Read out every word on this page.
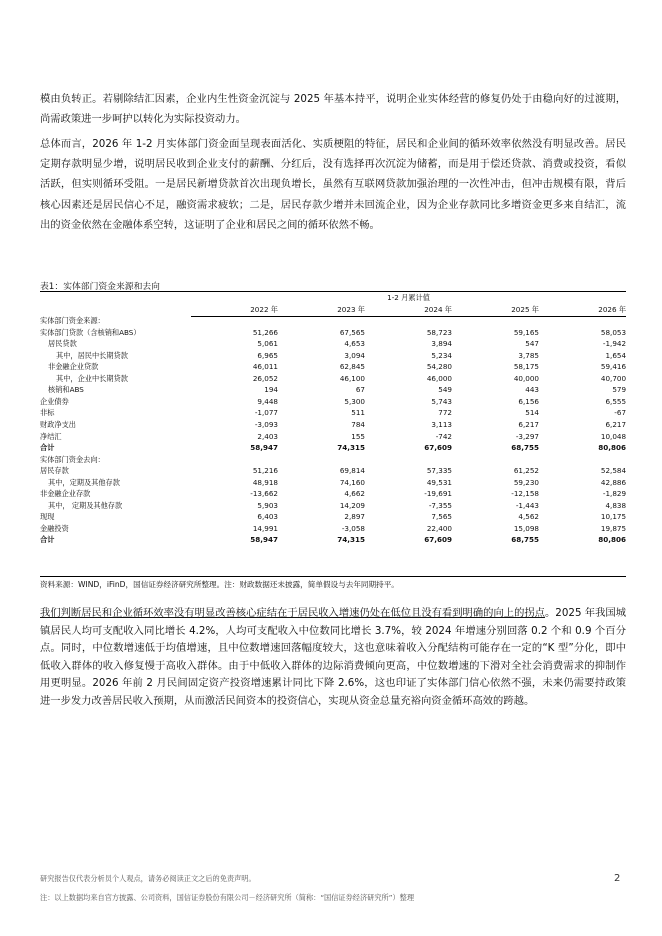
模由负转正。若剔除结汇因素，企业内生性资金沉淀与 2025 年基本持平，说明企业实体经营的修复仍处于由稳向好的过渡期，尚需政策进一步呵护以转化为实际投资动力。

总体而言，2026 年 1-2 月实体部门资金面呈现表面活化、实质梗阻的特征，居民和企业间的循环效率依然没有明显改善。居民定期存款明显少增，说明居民收到企业支付的薪酬、分红后，没有选择再次沉淀为储蓄，而是用于偿还贷款、消费或投资，看似活跃，但实则循环受阻。一是居民新增贷款首次出现负增长，虽然有互联网贷款加强治理的一次性冲击，但冲击规模有限，背后核心因素还是居民信心不足，融资需求疲软；二是，居民存款少增并未回流企业，因为企业存款同比多增资金更多来自结汇，流出的资金依然在金融体系空转，这证明了企业和居民之间的循环依然不畅。

表1：实体部门资金来源和去向
	1-2 月累计值				
	2022 年	2023 年	2024 年	2025 年	2026 年
实体部门资金来源：					
实体部门贷款（含核销和ABS）	51,266	67,565	58,723	59,165	58,053
居民贷款	5,061	4,653	3,894	547	-1,942
其中，居民中长期贷款	6,965	3,094	5,234	3,785	1,654
非金融企业贷款	46,011	62,845	54,280	58,175	59,416
其中，企业中长期贷款	26,052	46,100	46,000	40,000	40,700
核销和ABS	194	67	549	443	579
企业债券	9,448	5,300	5,743	6,156	6,555
非标	-1,077	511	772	514	-67
财政净支出	-3,093	784	3,113	6,217	6,217
净结汇	2,403	155	-742	-3,297	10,048
合计	58,947	74,315	67,609	68,755	80,806
实体部门资金去向：					
居民存款	51,216	69,814	57,335	61,252	52,584
其中，定期及其他存款	48,918	74,160	49,531	59,230	42,886
非金融企业存款	-13,662	4,662	-19,691	-12,158	-1,829
其中， 定期及其他存款	5,903	14,209	-7,355	-1,443	4,838
现现	6,403	2,897	7,565	4,562	10,175
金融投资	14,991	-3,058	22,400	15,098	19,875
合计	58,947	74,315	67,609	68,755	80,806
资料来源：WIND，iFinD，国信证券经济研究所整理。注：财政数据还未披露，简单假设与去年同期持平。

我们判断居民和企业循环效率没有明显改善核心症结在于居民收入增速仍处在低位且没有看到明确的向上的拐点。2025 年我国城镇居民人均可支配收入同比增长 4.2%，人均可支配收入中位数同比增长 3.7%，较 2024 年增速分别回落 0.2 个和 0.9 个百分点。同时，中位数增速低于均值增速，且中位数增速回落幅度较大，这也意味着收入分配结构可能存在一定的“K 型”分化，即中低收入群体的收入修复慢于高收入群体。由于中低收入群体的边际消费倾向更高，中位数增速的下滑对全社会消费需求的抑制作用更明显。2026 年前 2 月民间固定资产投资增速累计同比下降 2.6%，这也印证了实体部门信心依然不强，未来仍需要持政策进一步发力改善居民收入预期，从而激活民间资本的投资信心，实现从资金总量充裕向资金循环高效的跨越。

研究报告仅代表分析员个人观点，请务必阅读正文之后的免责声明。
注：以上数据均来自官方披露、公司资料，国信证券股份有限公司－经济研究所（简称：“国信证券经济研究所”）整理
2
